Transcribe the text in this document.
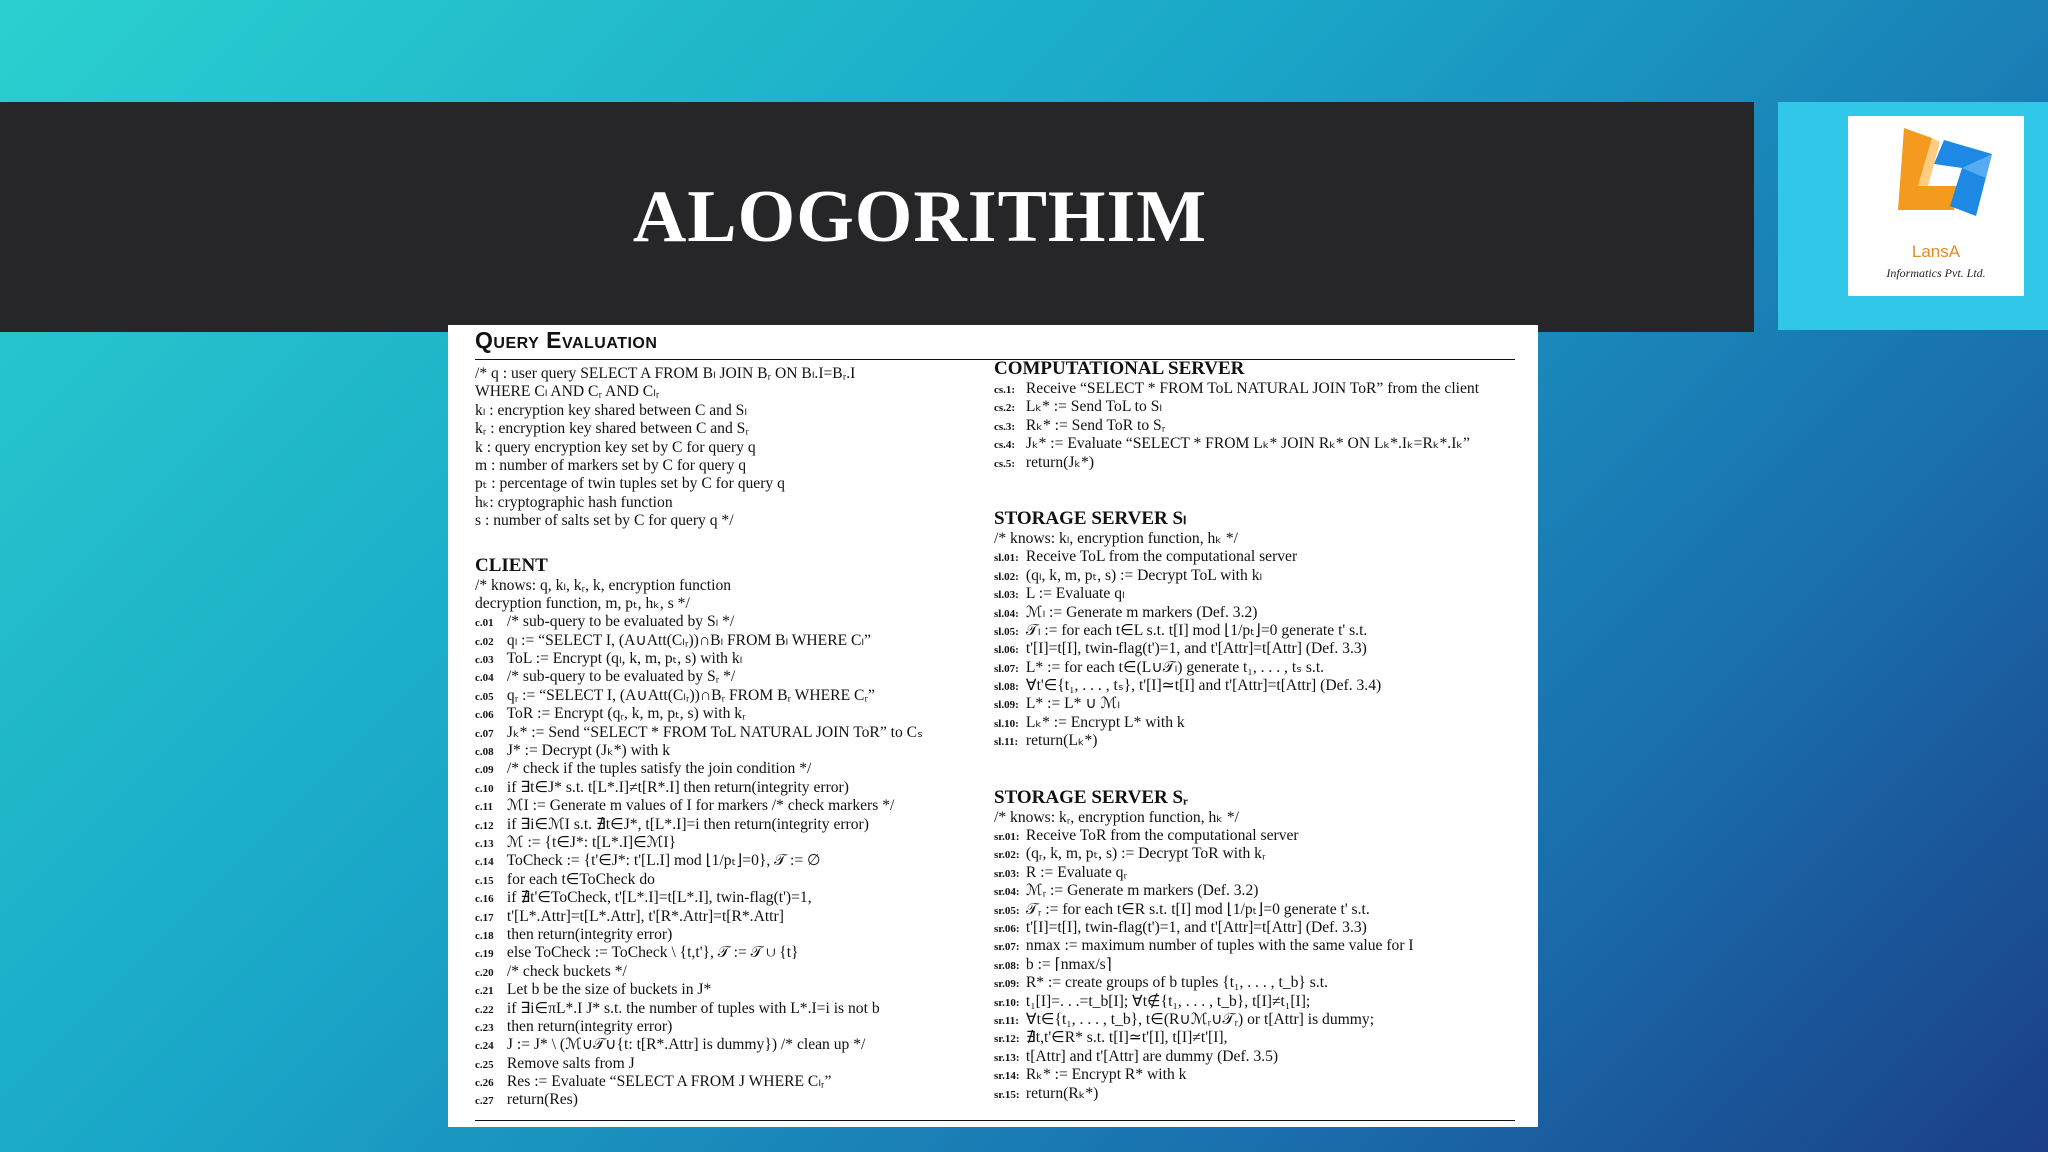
ALOGORITHIM	LansA
Informatics Pvt. Ltd.
Query Evaluation
/* q : user query SELECT A FROM Bₗ JOIN Bᵣ ON Bₗ.I=Bᵣ.I
WHERE Cₗ AND Cᵣ AND Cₗᵣ
kₗ : encryption key shared between C and Sₗ
kᵣ : encryption key shared between C and Sᵣ
k : query encryption key set by C for query q
m : number of markers set by C for query q
pₜ : percentage of twin tuples set by C for query q
hₖ: cryptographic hash function
s : number of salts set by C for query q */
CLIENT
/* knows: q, kₗ, kᵣ, k, encryption function
decryption function, m, pₜ, hₖ, s */
c.01 /* sub-query to be evaluated by Sₗ */
c.02 qₗ := “SELECT I, (A∪Att(Cₗᵣ))∩Bₗ FROM Bₗ WHERE Cₗ”
c.03 ToL := Encrypt (qₗ, k, m, pₜ, s) with kₗ
c.04 /* sub-query to be evaluated by Sᵣ */
c.05 qᵣ := “SELECT I, (A∪Att(Cₗᵣ))∩Bᵣ FROM Bᵣ WHERE Cᵣ”
c.06 ToR := Encrypt (qᵣ, k, m, pₜ, s) with kᵣ
c.07 Jₖ* := Send “SELECT * FROM ToL NATURAL JOIN ToR” to Cₛ
c.08 J* := Decrypt (Jₖ*) with k
c.09 /* check if the tuples satisfy the join condition */
c.10 if ∃t∈J* s.t. t[L*.I]≠t[R*.I] then return(integrity error)
c.11 ℳI := Generate m values of I for markers /* check markers */
c.12 if ∃i∈ℳI s.t. ∄t∈J*, t[L*.I]=i then return(integrity error)
c.13 ℳ := {t∈J*: t[L*.I]∈ℳI}
c.14 ToCheck := {t'∈J*: t'[L.I] mod ⌊1/pₜ⌋=0}, 𝒯 := ∅
c.15 for each t∈ToCheck do
c.16 if ∄t'∈ToCheck, t'[L*.I]=t[L*.I], twin-flag(t')=1,
c.17 t'[L*.Attr]=t[L*.Attr], t'[R*.Attr]=t[R*.Attr]
c.18 then return(integrity error)
c.19 else ToCheck := ToCheck \ {t,t'}, 𝒯 := 𝒯 ∪ {t}
c.20 /* check buckets */
c.21 Let b be the size of buckets in J*
c.22 if ∃i∈πL*.I J* s.t. the number of tuples with L*.I=i is not b
c.23 then return(integrity error)
c.24 J := J* \ (ℳ∪𝒯∪{t: t[R*.Attr] is dummy}) /* clean up */
c.25 Remove salts from J
c.26 Res := Evaluate “SELECT A FROM J WHERE Cₗᵣ”
c.27 return(Res)
COMPUTATIONAL SERVER
cs.1: Receive “SELECT * FROM ToL NATURAL JOIN ToR” from the client
cs.2: Lₖ* := Send ToL to Sₗ
cs.3: Rₖ* := Send ToR to Sᵣ
cs.4: Jₖ* := Evaluate “SELECT * FROM Lₖ* JOIN Rₖ* ON Lₖ*.Iₖ=Rₖ*.Iₖ”
cs.5: return(Jₖ*)
STORAGE SERVER Sₗ
/* knows: kₗ, encryption function, hₖ */
sl.01: Receive ToL from the computational server
sl.02: (qₗ, k, m, pₜ, s) := Decrypt ToL with kₗ
sl.03: L := Evaluate qₗ
sl.04: ℳₗ := Generate m markers (Def. 3.2)
sl.05: 𝒯ₗ := for each t∈L s.t. t[I] mod ⌊1/pₜ⌋=0 generate t' s.t.
sl.06: t'[I]=t[I], twin-flag(t')=1, and t'[Attr]=t[Attr] (Def. 3.3)
sl.07: L* := for each t∈(L∪𝒯ₗ) generate t₁, . . . , tₛ s.t.
sl.08: ∀t'∈{t₁, . . . , tₛ}, t'[I]≃t[I] and t'[Attr]=t[Attr] (Def. 3.4)
sl.09: L* := L* ∪ ℳₗ
sl.10: Lₖ* := Encrypt L* with k
sl.11: return(Lₖ*)
STORAGE SERVER Sᵣ
/* knows: kᵣ, encryption function, hₖ */
sr.01: Receive ToR from the computational server
sr.02: (qᵣ, k, m, pₜ, s) := Decrypt ToR with kᵣ
sr.03: R := Evaluate qᵣ
sr.04: ℳᵣ := Generate m markers (Def. 3.2)
sr.05: 𝒯ᵣ := for each t∈R s.t. t[I] mod ⌊1/pₜ⌋=0 generate t' s.t.
sr.06: t'[I]=t[I], twin-flag(t')=1, and t'[Attr]=t[Attr] (Def. 3.3)
sr.07: nmax := maximum number of tuples with the same value for I
sr.08: b := ⌈nmax/s⌉
sr.09: R* := create groups of b tuples {t₁, . . . , t_b} s.t.
sr.10: t₁[I]=. . .=t_b[I]; ∀t∉{t₁, . . . , t_b}, t[I]≠t₁[I];
sr.11: ∀t∈{t₁, . . . , t_b}, t∈(R∪ℳᵣ∪𝒯ᵣ) or t[Attr] is dummy;
sr.12: ∄t,t'∈R* s.t. t[I]≃t'[I], t[I]≠t'[I],
sr.13: t[Attr] and t'[Attr] are dummy (Def. 3.5)
sr.14: Rₖ* := Encrypt R* with k
sr.15: return(Rₖ*)
